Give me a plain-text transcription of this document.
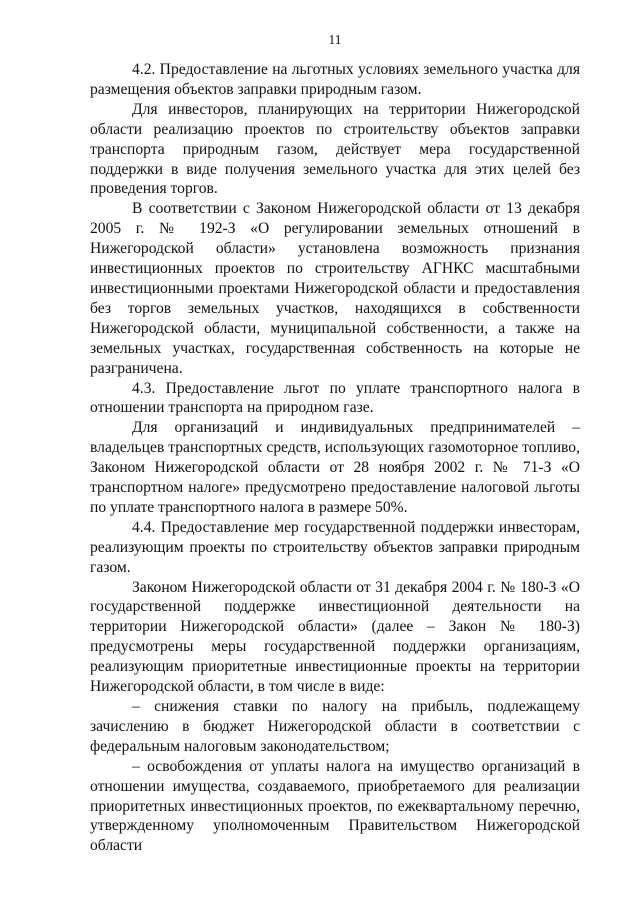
11

4.2. Предоставление на льготных условиях земельного участка для размещения объектов заправки природным газом.

Для инвесторов, планирующих на территории Нижегородской области реализацию проектов по строительству объектов заправки транспорта природным газом, действует мера государственной поддержки в виде получения земельного участка для этих целей без проведения торгов.

В соответствии с Законом Нижегородской области от 13 декабря 2005 г. № 192-З «О регулировании земельных отношений в Нижегородской области» установлена возможность признания инвестиционных проектов по строительству АГНКС масштабными инвестиционными проектами Нижегородской области и предоставления без торгов земельных участков, находящихся в собственности Нижегородской области, муниципальной собственности, а также на земельных участках, государственная собственность на которые не разграничена.

4.3. Предоставление льгот по уплате транспортного налога в отношении транспорта на природном газе.

Для организаций и индивидуальных предпринимателей – владельцев транспортных средств, использующих газомоторное топливо, Законом Нижегородской области от 28 ноября 2002 г. № 71-З «О транспортном налоге» предусмотрено предоставление налоговой льготы по уплате транспортного налога в размере 50%.

4.4. Предоставление мер государственной поддержки инвесторам, реализующим проекты по строительству объектов заправки природным газом.

Законом Нижегородской области от 31 декабря 2004 г. № 180-З «О государственной поддержке инвестиционной деятельности на территории Нижегородской области» (далее – Закон № 180-З) предусмотрены меры государственной поддержки организациям, реализующим приоритетные инвестиционные проекты на территории Нижегородской области, в том числе в виде:

– снижения ставки по налогу на прибыль, подлежащему зачислению в бюджет Нижегородской области в соответствии с федеральным налоговым законодательством;

– освобождения от уплаты налога на имущество организаций в отношении имущества, создаваемого, приобретаемого для реализации приоритетных инвестиционных проектов, по ежеквартальному перечню, утвержденному уполномоченным Правительством Нижегородской области
